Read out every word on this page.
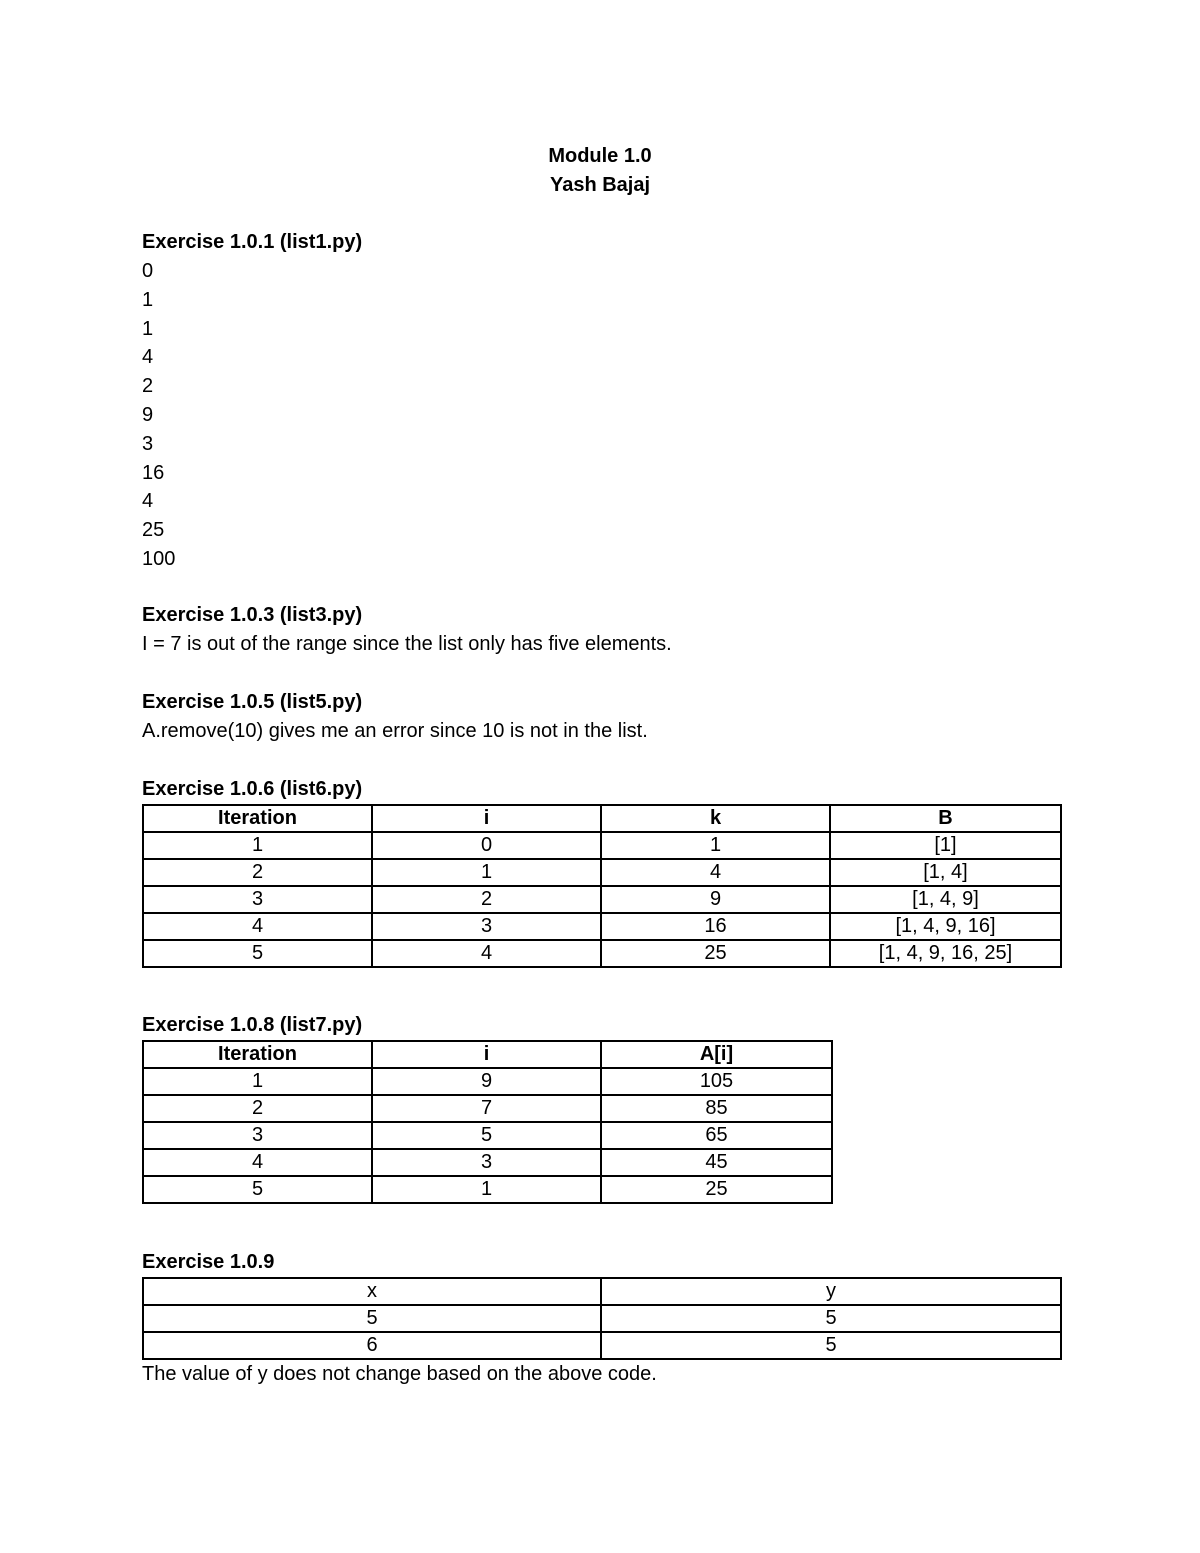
Module 1.0
Yash Bajaj
Exercise 1.0.1 (list1.py)
0
1
1
4
2
9
3
16
4
25
100
Exercise 1.0.3 (list3.py)
I = 7 is out of the range since the list only has five elements.
Exercise 1.0.5 (list5.py)
A.remove(10) gives me an error since 10 is not in the list.
Exercise 1.0.6 (list6.py)
Iteration	i	k	B
1	0	1	[1]
2	1	4	[1, 4]
3	2	9	[1, 4, 9]
4	3	16	[1, 4, 9, 16]
5	4	25	[1, 4, 9, 16, 25]
Exercise 1.0.8 (list7.py)
Iteration	i	A[i]
1	9	105
2	7	85
3	5	65
4	3	45
5	1	25
Exercise 1.0.9
x	y
5	5
6	5
The value of y does not change based on the above code.
